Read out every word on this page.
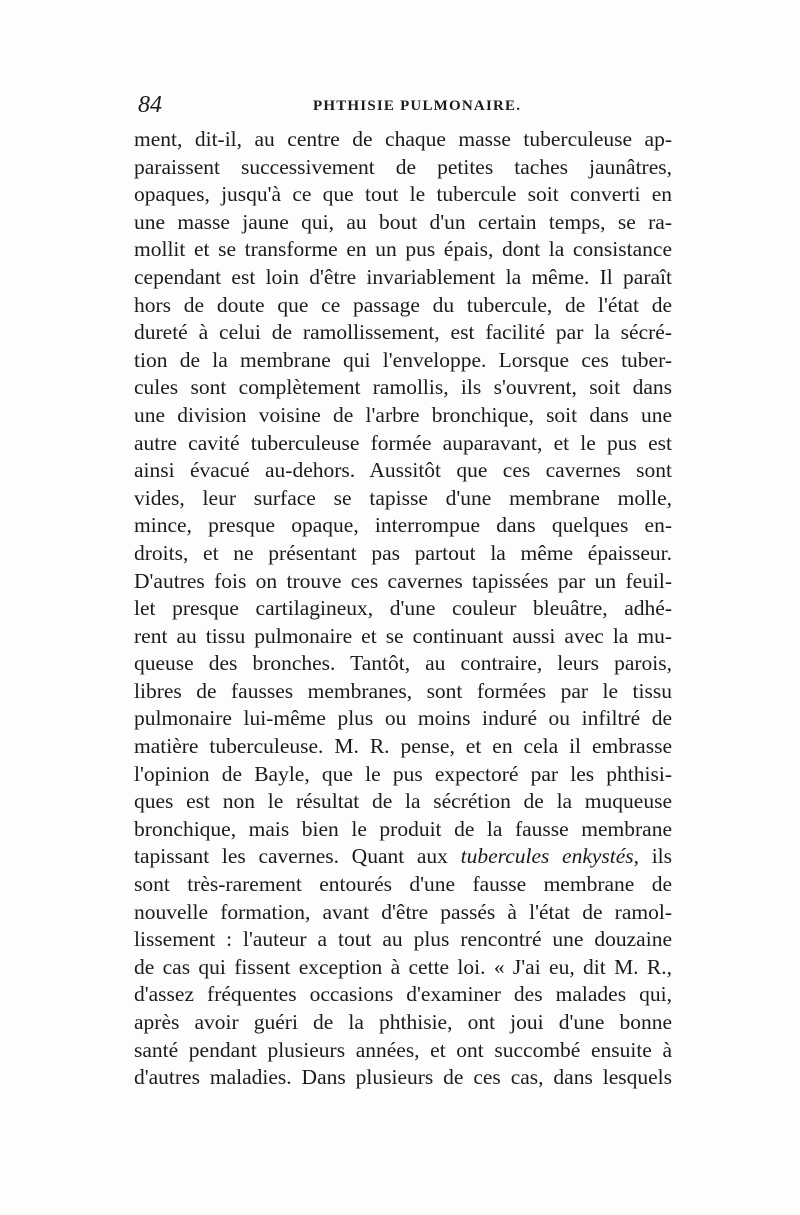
84	PHTHISIE PULMONAIRE.
ment, dit-il, au centre de chaque masse tuberculeuse ap-
paraissent successivement de petites taches jaunâtres,
opaques, jusqu'à ce que tout le tubercule soit converti en
une masse jaune qui, au bout d'un certain temps, se ra-
mollit et se transforme en un pus épais, dont la consistance
cependant est loin d'être invariablement la même. Il paraît
hors de doute que ce passage du tubercule, de l'état de
dureté à celui de ramollissement, est facilité par la sécré-
tion de la membrane qui l'enveloppe. Lorsque ces tuber-
cules sont complètement ramollis, ils s'ouvrent, soit dans
une division voisine de l'arbre bronchique, soit dans une
autre cavité tuberculeuse formée auparavant, et le pus est
ainsi évacué au-dehors. Aussitôt que ces cavernes sont
vides, leur surface se tapisse d'une membrane molle,
mince, presque opaque, interrompue dans quelques en-
droits, et ne présentant pas partout la même épaisseur.
D'autres fois on trouve ces cavernes tapissées par un feuil-
let presque cartilagineux, d'une couleur bleuâtre, adhé-
rent au tissu pulmonaire et se continuant aussi avec la mu-
queuse des bronches. Tantôt, au contraire, leurs parois,
libres de fausses membranes, sont formées par le tissu
pulmonaire lui-même plus ou moins induré ou infiltré de
matière tuberculeuse. M. R. pense, et en cela il embrasse
l'opinion de Bayle, que le pus expectoré par les phthisi-
ques est non le résultat de la sécrétion de la muqueuse
bronchique, mais bien le produit de la fausse membrane
tapissant les cavernes. Quant aux tubercules enkystés, ils
sont très-rarement entourés d'une fausse membrane de
nouvelle formation, avant d'être passés à l'état de ramol-
lissement : l'auteur a tout au plus rencontré une douzaine
de cas qui fissent exception à cette loi. « J'ai eu, dit M. R.,
d'assez fréquentes occasions d'examiner des malades qui,
après avoir guéri de la phthisie, ont joui d'une bonne
santé pendant plusieurs années, et ont succombé ensuite à
d'autres maladies. Dans plusieurs de ces cas, dans lesquels
